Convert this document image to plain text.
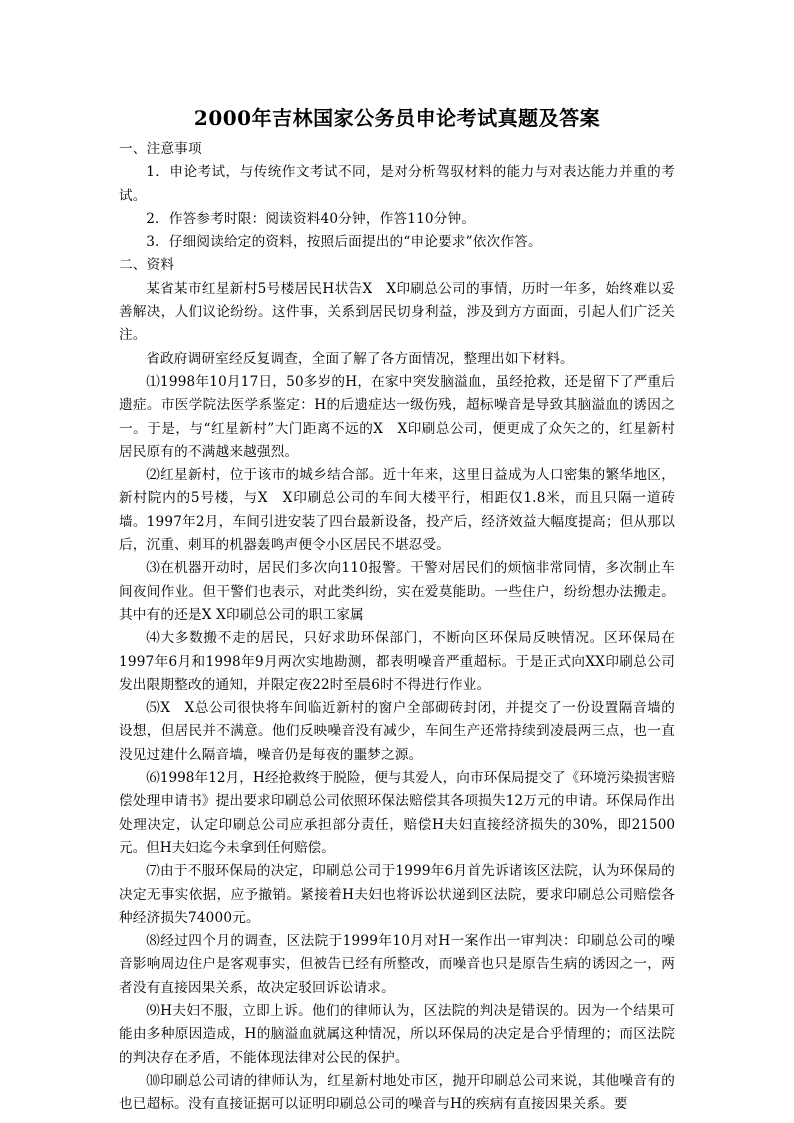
2000年吉林国家公务员申论考试真题及答案

一、注意事项

1．申论考试，与传统作文考试不同，是对分析驾驭材料的能力与对表达能力并重的考试。

2．作答参考时限：阅读资料40分钟，作答110分钟。

3．仔细阅读给定的资料，按照后面提出的“申论要求”依次作答。

二、资料

某省某市红星新村5号楼居民H状告X　X印刷总公司的事情，历时一年多，始终难以妥善解决，人们议论纷纷。这件事，关系到居民切身利益，涉及到方方面面，引起人们广泛关注。

省政府调研室经反复调查，全面了解了各方面情况，整理出如下材料。

⑴1998年10月17日，50多岁的H，在家中突发脑溢血，虽经抢救，还是留下了严重后遗症。市医学院法医学系鉴定：H的后遗症达一级伤残，超标噪音是导致其脑溢血的诱因之一。于是，与“红星新村”大门距离不远的X　X印刷总公司，便更成了众矢之的，红星新村居民原有的不满越来越强烈。

⑵红星新村，位于该市的城乡结合部。近十年来，这里日益成为人口密集的繁华地区，新村院内的5号楼，与X　X印刷总公司的车间大楼平行，相距仅1.8米，而且只隔一道砖墙。1997年2月，车间引进安装了四台最新设备，投产后，经济效益大幅度提高；但从那以后，沉重、刺耳的机器轰鸣声便令小区居民不堪忍受。

⑶在机器开动时，居民们多次向110报警。干警对居民们的烦恼非常同情，多次制止车间夜间作业。但干警们也表示，对此类纠纷，实在爱莫能助。一些住户，纷纷想办法搬走。其中有的还是X X印刷总公司的职工家属

⑷大多数搬不走的居民，只好求助环保部门，不断向区环保局反映情况。区环保局在1997年6月和1998年9月两次实地勘测，都表明噪音严重超标。于是正式向XX印刷总公司发出限期整改的通知，并限定夜22时至晨6时不得进行作业。

⑸X　X总公司很快将车间临近新村的窗户全部砌砖封闭，并提交了一份设置隔音墙的设想，但居民并不满意。他们反映噪音没有减少，车间生产还常持续到凌晨两三点，也一直没见过建什么隔音墙，噪音仍是每夜的噩梦之源。

⑹1998年12月，H经抢救终于脱险，便与其爱人，向市环保局提交了《环境污染损害赔偿处理申请书》提出要求印刷总公司依照环保法赔偿其各项损失12万元的申请。环保局作出处理决定，认定印刷总公司应承担部分责任，赔偿H夫妇直接经济损失的30%，即21500元。但H夫妇迄今未拿到任何赔偿。

⑺由于不服环保局的决定，印刷总公司于1999年6月首先诉诸该区法院，认为环保局的决定无事实依据，应予撤销。紧接着H夫妇也将诉讼状递到区法院，要求印刷总公司赔偿各种经济损失74000元。

⑻经过四个月的调查，区法院于1999年10月对H一案作出一审判决：印刷总公司的噪音影响周边住户是客观事实，但被告已经有所整改，而噪音也只是原告生病的诱因之一，两者没有直接因果关系，故决定驳回诉讼请求。

⑼H夫妇不服，立即上诉。他们的律师认为，区法院的判决是错误的。因为一个结果可能由多种原因造成，H的脑溢血就属这种情况，所以环保局的决定是合乎情理的；而区法院的判决存在矛盾，不能体现法律对公民的保护。

⑽印刷总公司请的律师认为，红星新村地处市区，抛开印刷总公司来说，其他噪音有的也已超标。没有直接证据可以证明印刷总公司的噪音与H的疾病有直接因果关系。要
